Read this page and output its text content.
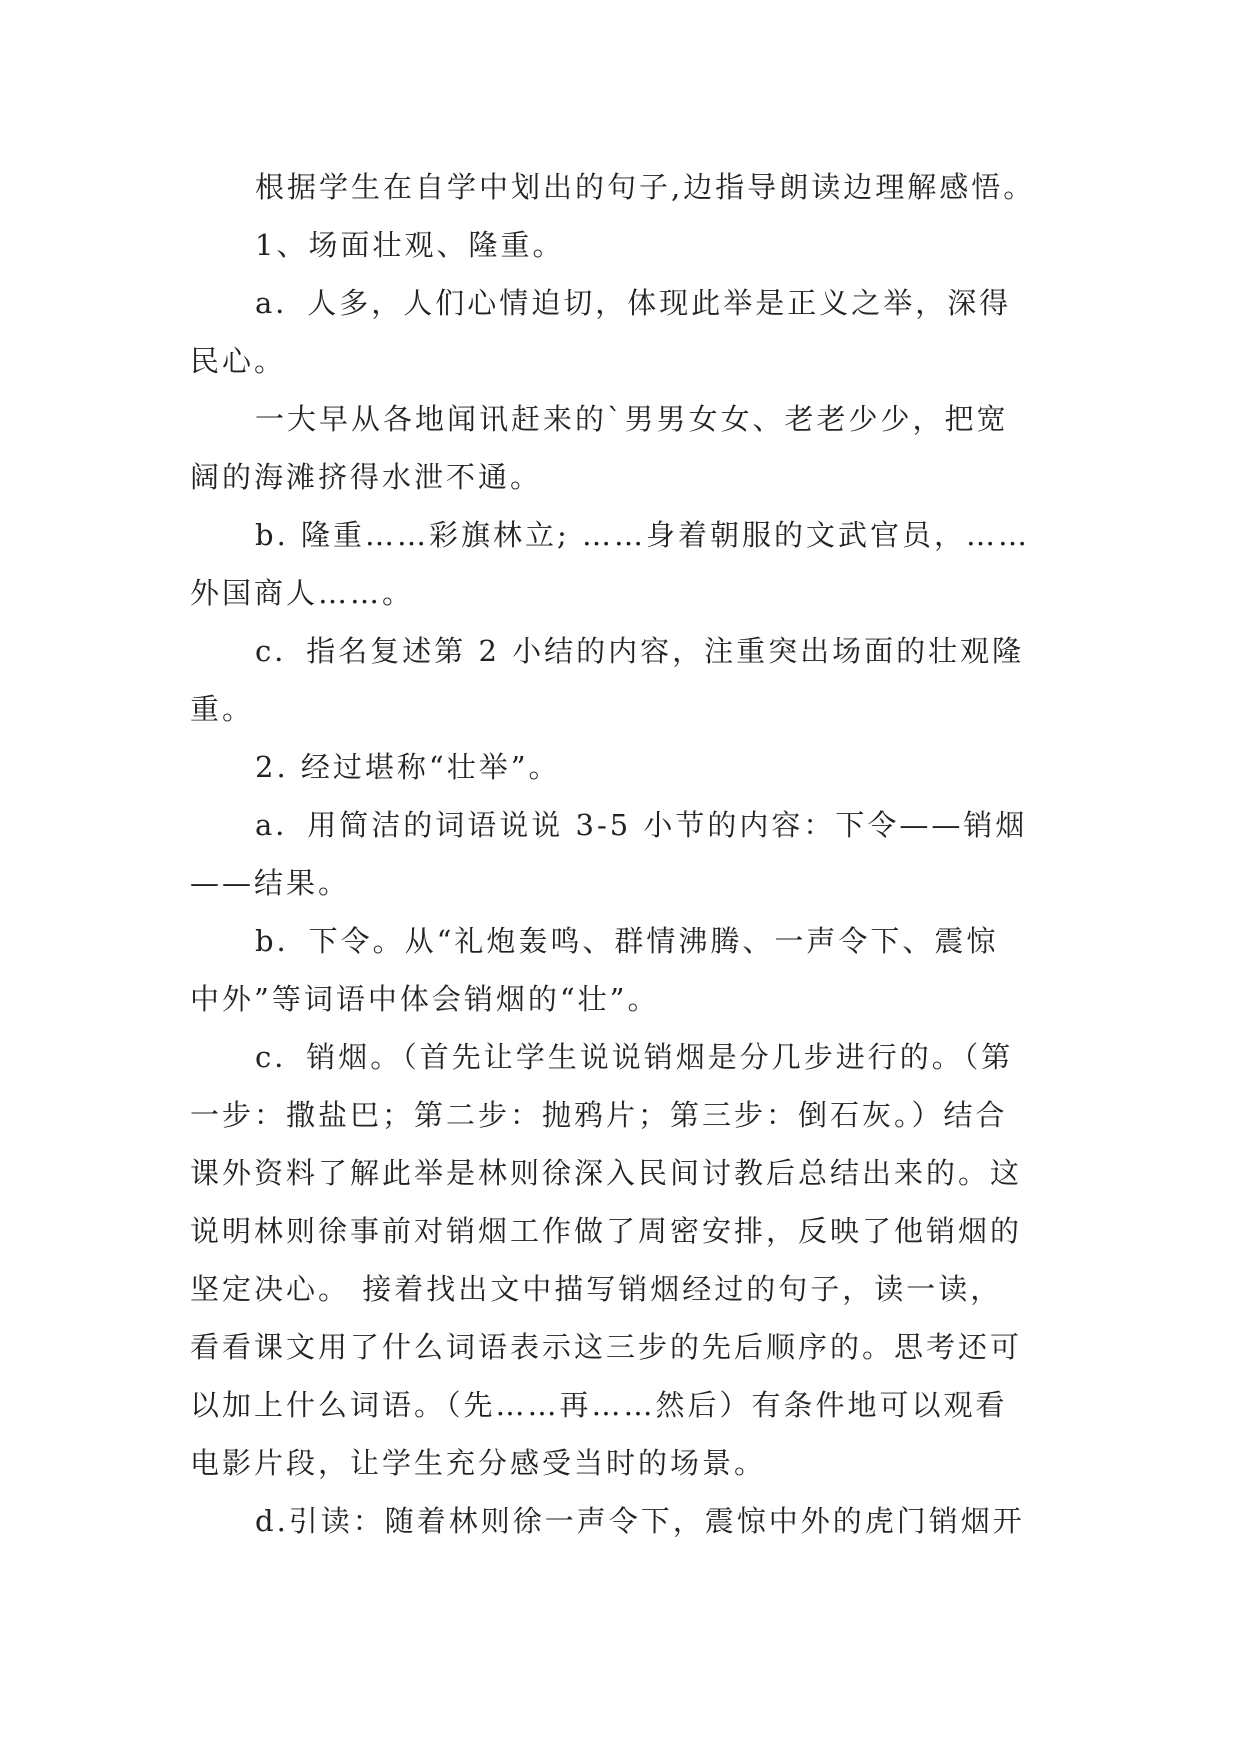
根据学生在自学中划出的句子,边指导朗读边理解感悟。
1、场面壮观、隆重。
a．人多，人们心情迫切，体现此举是正义之举，深得
民心。
一大早从各地闻讯赶来的`男男女女、老老少少，把宽
阔的海滩挤得水泄不通。
b. 隆重……彩旗林立; ……身着朝服的文武官员，……
外国商人……。
c．指名复述第 2 小结的内容，注重突出场面的壮观隆
重。
2. 经过堪称“壮举”。
a．用简洁的词语说说 3-5 小节的内容：下令——销烟
——结果。
b．下令。从“礼炮轰鸣、群情沸腾、一声令下、震惊
中外”等词语中体会销烟的“壮”。
c．销烟。（首先让学生说说销烟是分几步进行的。（第
一步：撒盐巴；第二步：抛鸦片；第三步：倒石灰。）结合
课外资料了解此举是林则徐深入民间讨教后总结出来的。这
说明林则徐事前对销烟工作做了周密安排，反映了他销烟的
坚定决心。 接着找出文中描写销烟经过的句子，读一读，
看看课文用了什么词语表示这三步的先后顺序的。思考还可
以加上什么词语。（先……再……然后）有条件地可以观看
电影片段，让学生充分感受当时的场景。
d.引读：随着林则徐一声令下，震惊中外的虎门销烟开
